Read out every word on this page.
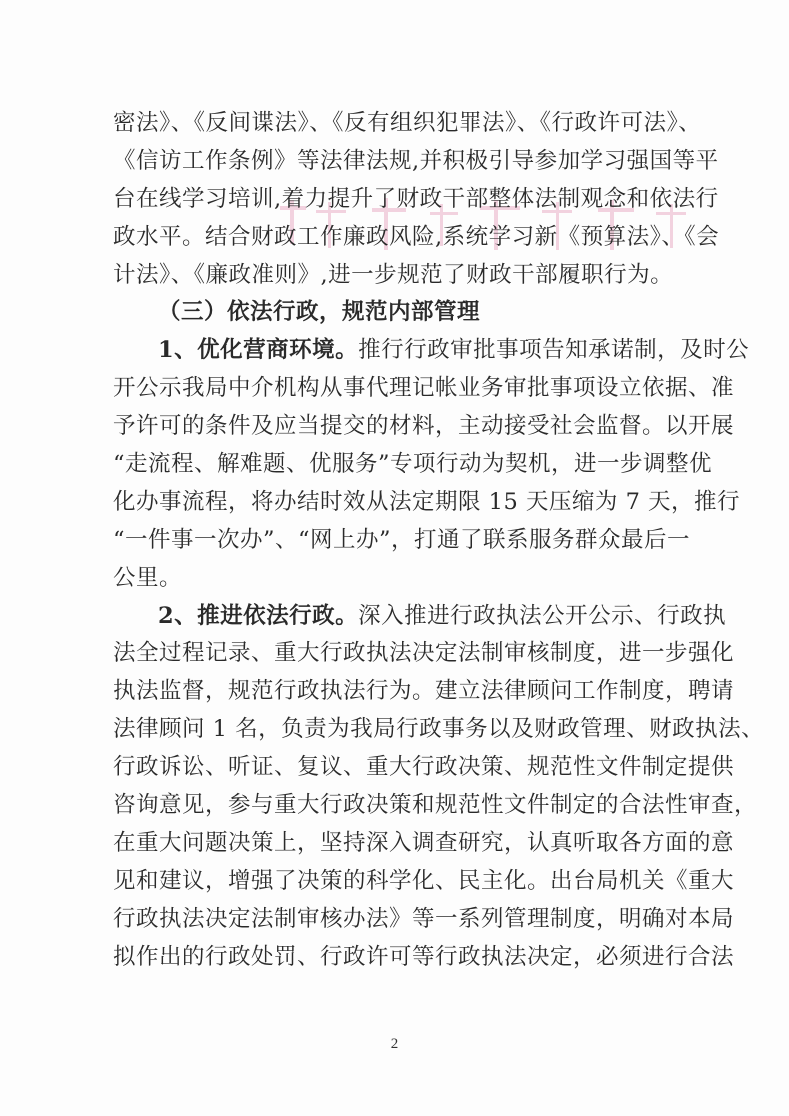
密法》、《反间谍法》、《反有组织犯罪法》、《行政许可法》、
《信访工作条例》等法律法规,并积极引导参加学习强国等平
台在线学习培训,着力提升了财政干部整体法制观念和依法行
政水平。结合财政工作廉政风险,系统学习新《预算法》、《会
计法》、《廉政准则》,进一步规范了财政干部履职行为。
（三）依法行政，规范内部管理
1、优化营商环境。推行行政审批事项告知承诺制，及时公
开公示我局中介机构从事代理记帐业务审批事项设立依据、准
予许可的条件及应当提交的材料，主动接受社会监督。以开展
“走流程、解难题、优服务”专项行动为契机，进一步调整优
化办事流程，将办结时效从法定期限 15 天压缩为 7 天，推行
“一件事一次办”、“网上办”，打通了联系服务群众最后一
公里。
2、推进依法行政。深入推进行政执法公开公示、行政执
法全过程记录、重大行政执法决定法制审核制度，进一步强化
执法监督，规范行政执法行为。建立法律顾问工作制度，聘请
法律顾问 1 名，负责为我局行政事务以及财政管理、财政执法、
行政诉讼、听证、复议、重大行政决策、规范性文件制定提供
咨询意见，参与重大行政决策和规范性文件制定的合法性审查，
在重大问题决策上，坚持深入调查研究，认真听取各方面的意
见和建议，增强了决策的科学化、民主化。出台局机关《重大
行政执法决定法制审核办法》等一系列管理制度，明确对本局
拟作出的行政处罚、行政许可等行政执法决定，必须进行合法
2
